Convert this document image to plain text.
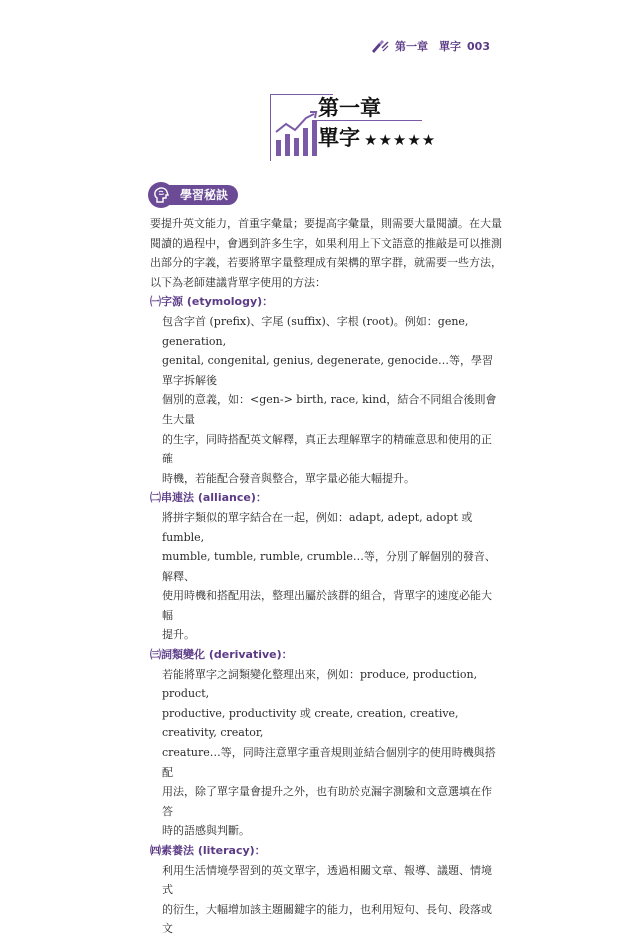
第一章　單字 003
第一章
單字 ★★★★★
學習秘訣

要提升英文能力，首重字彙量；要提高字彙量，則需要大量閱讀。在大量

閱讀的過程中，會遇到許多生字，如果利用上下文語意的推敲是可以推測

出部分的字義，若要將單字量整理成有架構的單字群，就需要一些方法，

以下為老師建議背單字使用的方法：

㈠字源 (etymology)：

包含字首 (prefix)、字尾 (suffix)、字根 (root)。例如：gene, generation,

genital, congenital, genius, degenerate, genocide…等，學習單字拆解後

個別的意義，如：<gen-> birth, race, kind，結合不同組合後則會生大量

的生字，同時搭配英文解釋，真正去理解單字的精確意思和使用的正確

時機，若能配合發音與整合，單字量必能大幅提升。

㈡串連法 (alliance)：

將拼字類似的單字結合在一起，例如：adapt, adept, adopt 或 fumble,

mumble, tumble, rumble, crumble…等，分別了解個別的發音、解釋、

使用時機和搭配用法，整理出屬於該群的組合，背單字的速度必能大幅

提升。

㈢詞類變化 (derivative)：

若能將單字之詞類變化整理出來，例如：produce, production, product,

productive, productivity 或 create, creation, creative, creativity, creator,

creature…等，同時注意單字重音規則並結合個別字的使用時機與搭配

用法，除了單字量會提升之外，也有助於克漏字測驗和文意選填在作答

時的語感與判斷。

㈣素養法 (literacy)：

利用生活情境學習到的英文單字，透過相關文章、報導、議題、情境式

的衍生，大幅增加該主題關鍵字的能力，也利用短句、長句、段落或文
